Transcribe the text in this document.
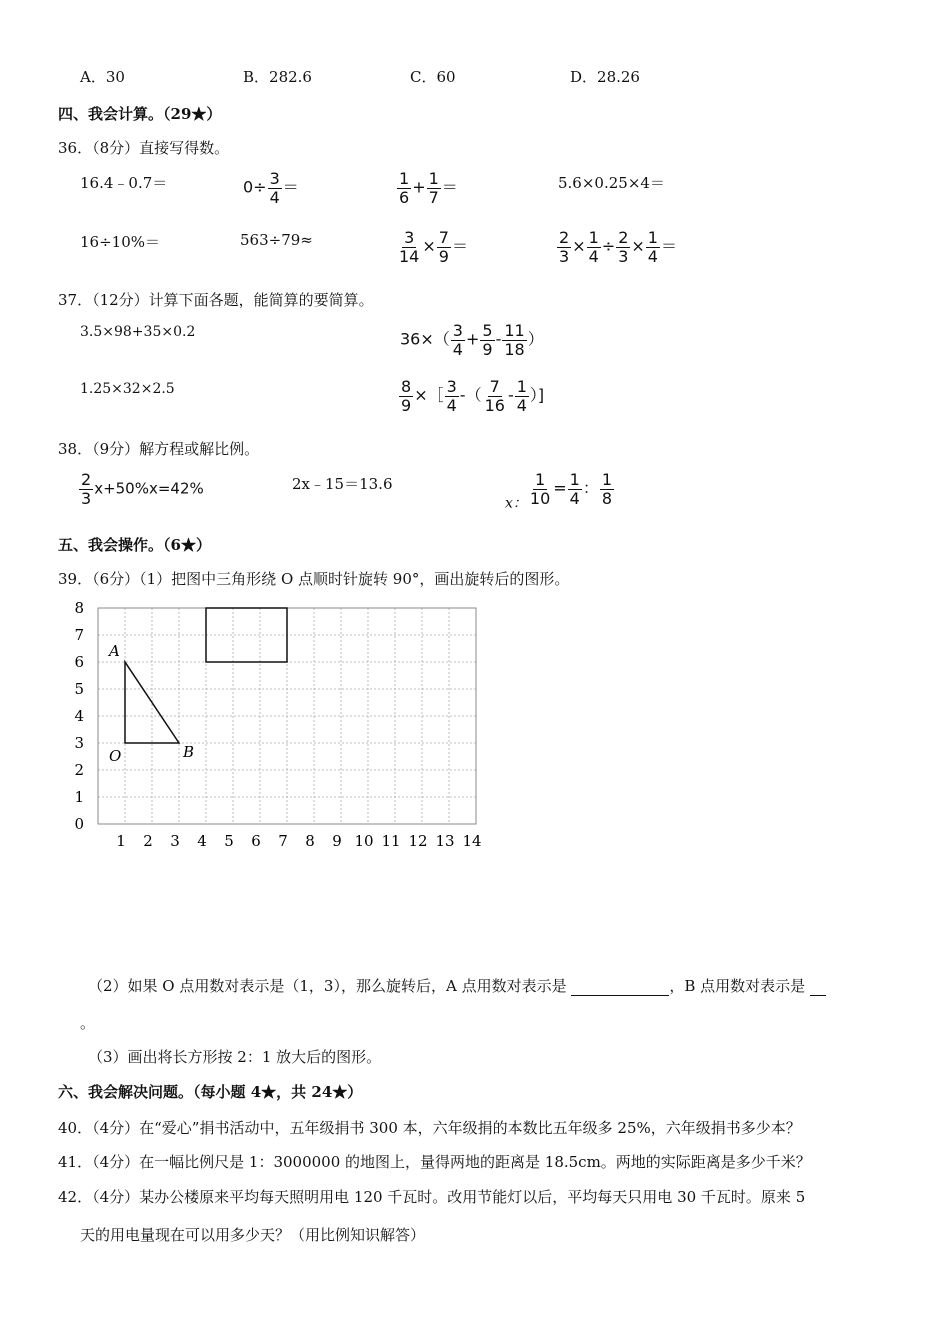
A．30	B．282.6	C．60	D．28.26
四、我会计算。（29★）
36．（8分）直接写得数。
16.4﹣0.7＝	$0\div \frac{3}{4}$ ＝	$\frac{1}{6} + \frac{1}{7}$ ＝	5.6×0.25×4＝
16÷10%＝	563÷79≈	$\frac{3}{14} \times \frac{7}{9}$ ＝	$\frac{2}{3} \times \frac{1}{4} \div \frac{2}{3} \times \frac{1}{4}$ ＝
37．（12分）计算下面各题，能简算的要简算。
3.5×98+35×0.2	$36\times( \frac{3}{4} + \frac{5}{9} - \frac{11}{18}$ ）
1.25×32×2.5	$\frac{8}{9}$ ×［ $\frac{3}{4}$ -（ $\frac{7}{16} - \frac{1}{4}$ ）]
38．（9分）解方程或解比例。
$\frac{2}{3} x+50\%x=42\%$	2x﹣15＝13.6
x： $\frac{1}{10} = \frac{1}{4}$ ： $\frac{1}{8}$
五、我会操作。（6★）
39．（6分）（1）把图中三角形绕 O 点顺时针旋转 90°，画出旋转后的图形。
8
7
6
5
4
3
2
1
0
1 2 3 4 5 6 7 8 9 10 11 12 13 14
A
O	B
（2）如果 O 点用数对表示是（1，3），那么旋转后，A 点用数对表示是	，B 点用数对表示是
。
（3）画出将长方形按 2：1 放大后的图形。
六、我会解决问题。（每小题 4★，共 24★）
40．（4分）在“爱心”捐书活动中，五年级捐书 300 本，六年级捐的本数比五年级多 25%，六年级捐书多少本？
41．（4分）在一幅比例尺是 1：3000000 的地图上，量得两地的距离是 18.5cm。两地的实际距离是多少千米？
42．（4分）某办公楼原来平均每天照明用电 120 千瓦时。改用节能灯以后，平均每天只用电 30 千瓦时。原来 5
天的用电量现在可以用多少天？（用比例知识解答）
